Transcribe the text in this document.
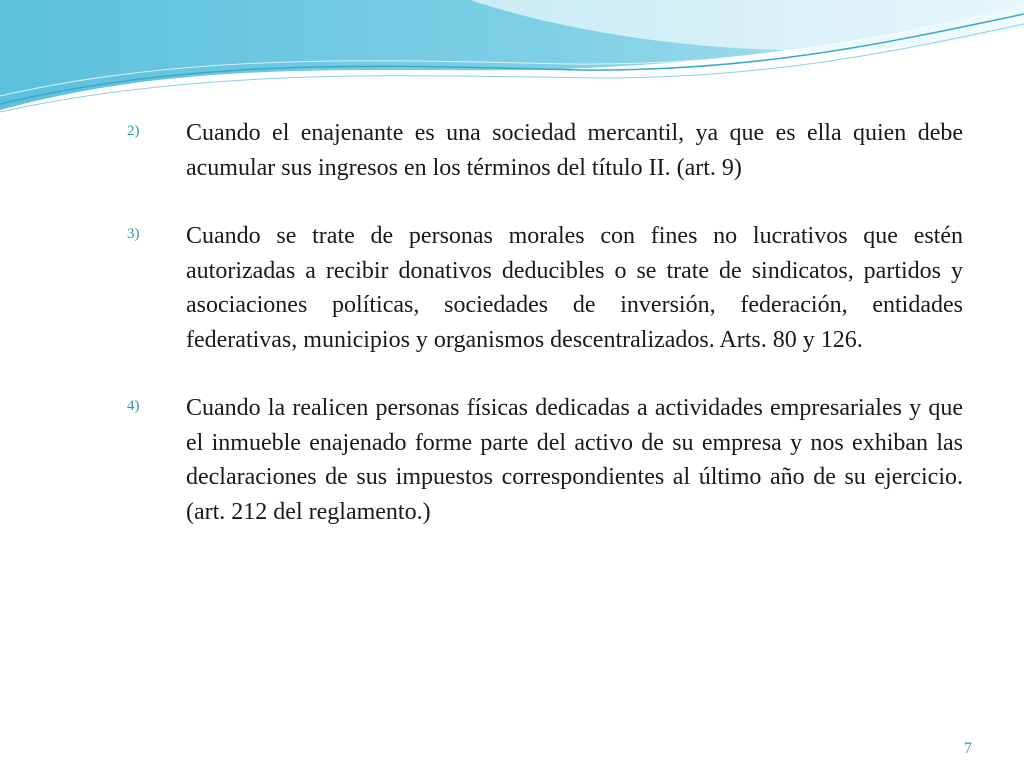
2) Cuando el enajenante es una sociedad mercantil, ya que es ella quien debe acumular sus ingresos en los términos del título II. (art. 9)
3) Cuando se trate de personas morales con fines no lucrativos que estén autorizadas a recibir donativos deducibles o se trate de sindicatos, partidos y asociaciones políticas, sociedades de inversión, federación, entidades federativas, municipios y organismos descentralizados. Arts. 80 y 126.
4) Cuando la realicen personas físicas dedicadas a actividades empresariales y que el inmueble enajenado forme parte del activo de su empresa y nos exhiban las declaraciones de sus impuestos correspondientes al último año de su ejercicio. (art. 212 del reglamento.)
7
